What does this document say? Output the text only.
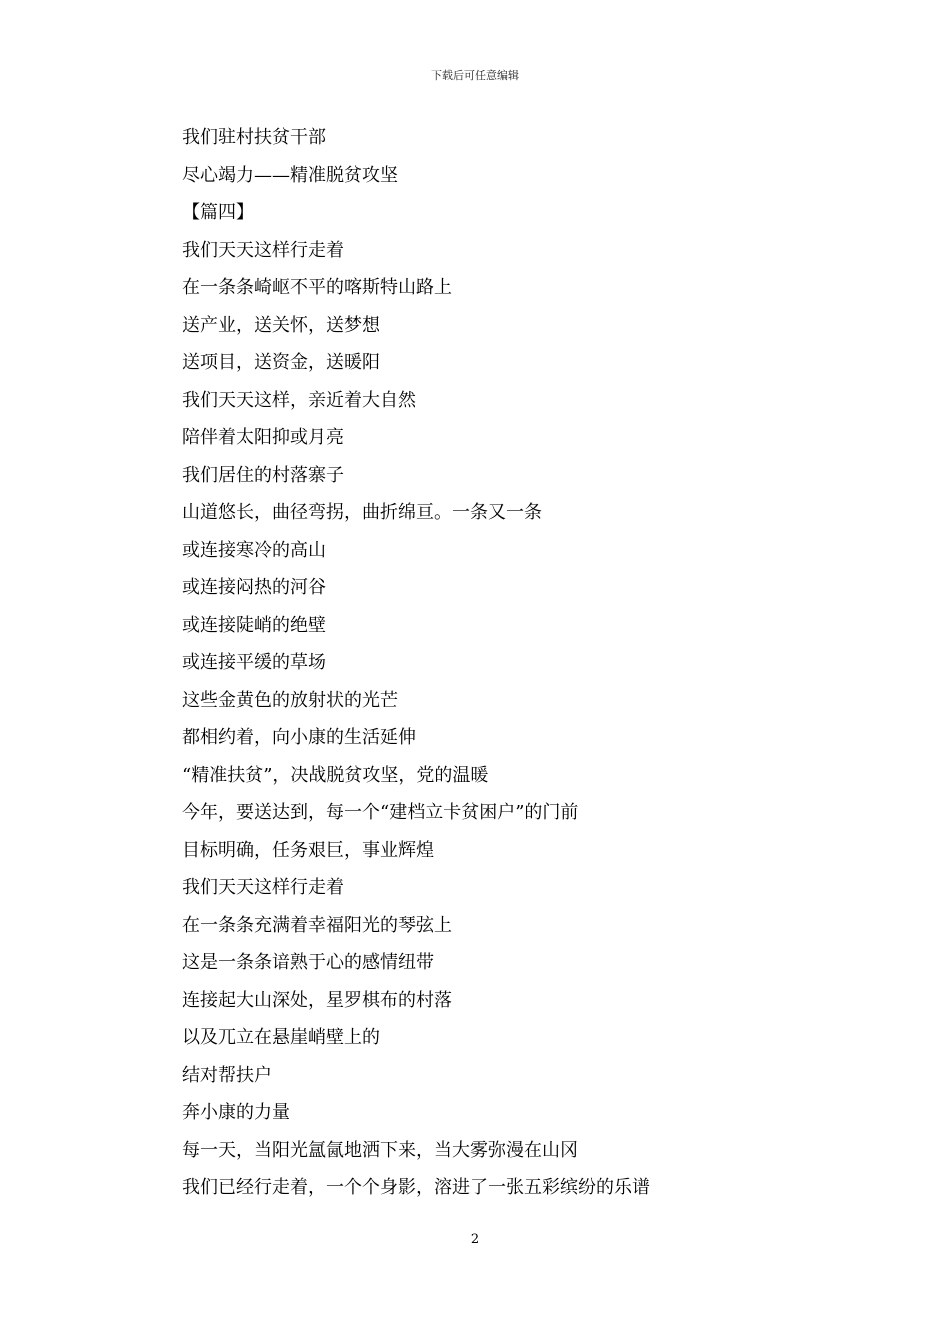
下载后可任意编辑
我们驻村扶贫干部
尽心竭力——精准脱贫攻坚
【篇四】
我们天天这样行走着
在一条条崎岖不平的喀斯特山路上
送产业，送关怀，送梦想
送项目，送资金，送暖阳
我们天天这样，亲近着大自然
陪伴着太阳抑或月亮
我们居住的村落寨子
山道悠长，曲径弯拐，曲折绵亘。一条又一条
或连接寒冷的高山
或连接闷热的河谷
或连接陡峭的绝壁
或连接平缓的草场
这些金黄色的放射状的光芒
都相约着，向小康的生活延伸
“精准扶贫”，决战脱贫攻坚，党的温暖
今年，要送达到，每一个“建档立卡贫困户”的门前
目标明确，任务艰巨，事业辉煌
我们天天这样行走着
在一条条充满着幸福阳光的琴弦上
这是一条条谙熟于心的感情纽带
连接起大山深处，星罗棋布的村落
以及兀立在悬崖峭壁上的
结对帮扶户
奔小康的力量
每一天，当阳光氲氤地洒下来，当大雾弥漫在山冈
我们已经行走着，一个个身影，溶进了一张五彩缤纷的乐谱
2
